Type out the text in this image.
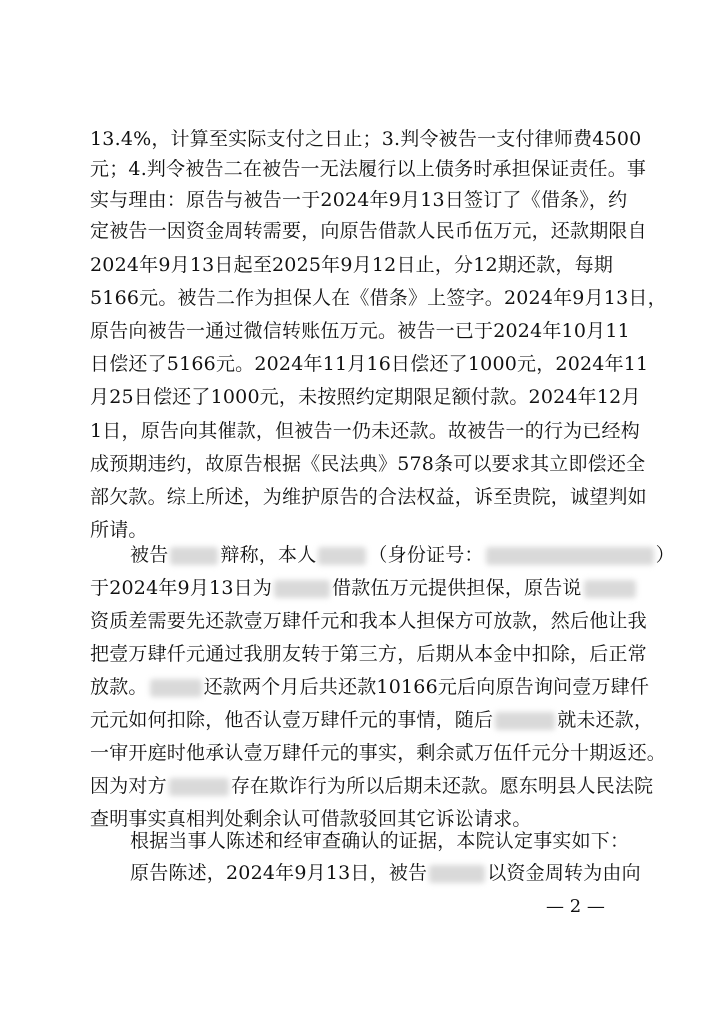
13.4%，计算至实际支付之日止；3.判令被告一支付律师费4500
元；4.判令被告二在被告一无法履行以上债务时承担保证责任。事
实与理由：原告与被告一于2024年9月13日签订了《借条》，约
定被告一因资金周转需要，向原告借款人民币伍万元，还款期限自
2024年9月13日起至2025年9月12日止，分12期还款，每期
5166元。被告二作为担保人在《借条》上签字。2024年9月13日，
原告向被告一通过微信转账伍万元。被告一已于2024年10月11
日偿还了5166元。2024年11月16日偿还了1000元，2024年11
月25日偿还了1000元，未按照约定期限足额付款。2024年12月
1日，原告向其催款，但被告一仍未还款。故被告一的行为已经构
成预期违约，故原告根据《民法典》578条可以要求其立即偿还全
部欠款。综上所述，为维护原告的合法权益，诉至贵院，诚望判如
所请。
被告	辩称，本人	（身份证号：	）
于2024年9月13日为	借款伍万元提供担保，原告说
资质差需要先还款壹万肆仟元和我本人担保方可放款，然后他让我
把壹万肆仟元通过我朋友转于第三方，后期从本金中扣除，后正常
放款。	还款两个月后共还款10166元后向原告询问壹万肆仟
元元如何扣除，他否认壹万肆仟元的事情，随后	就未还款，
一审开庭时他承认壹万肆仟元的事实，剩余贰万伍仟元分十期返还。
因为对方	存在欺诈行为所以后期未还款。愿东明县人民法院
查明事实真相判处剩余认可借款驳回其它诉讼请求。
根据当事人陈述和经审查确认的证据，本院认定事实如下：
原告陈述，2024年9月13日，被告	以资金周转为由向
— 2 —
